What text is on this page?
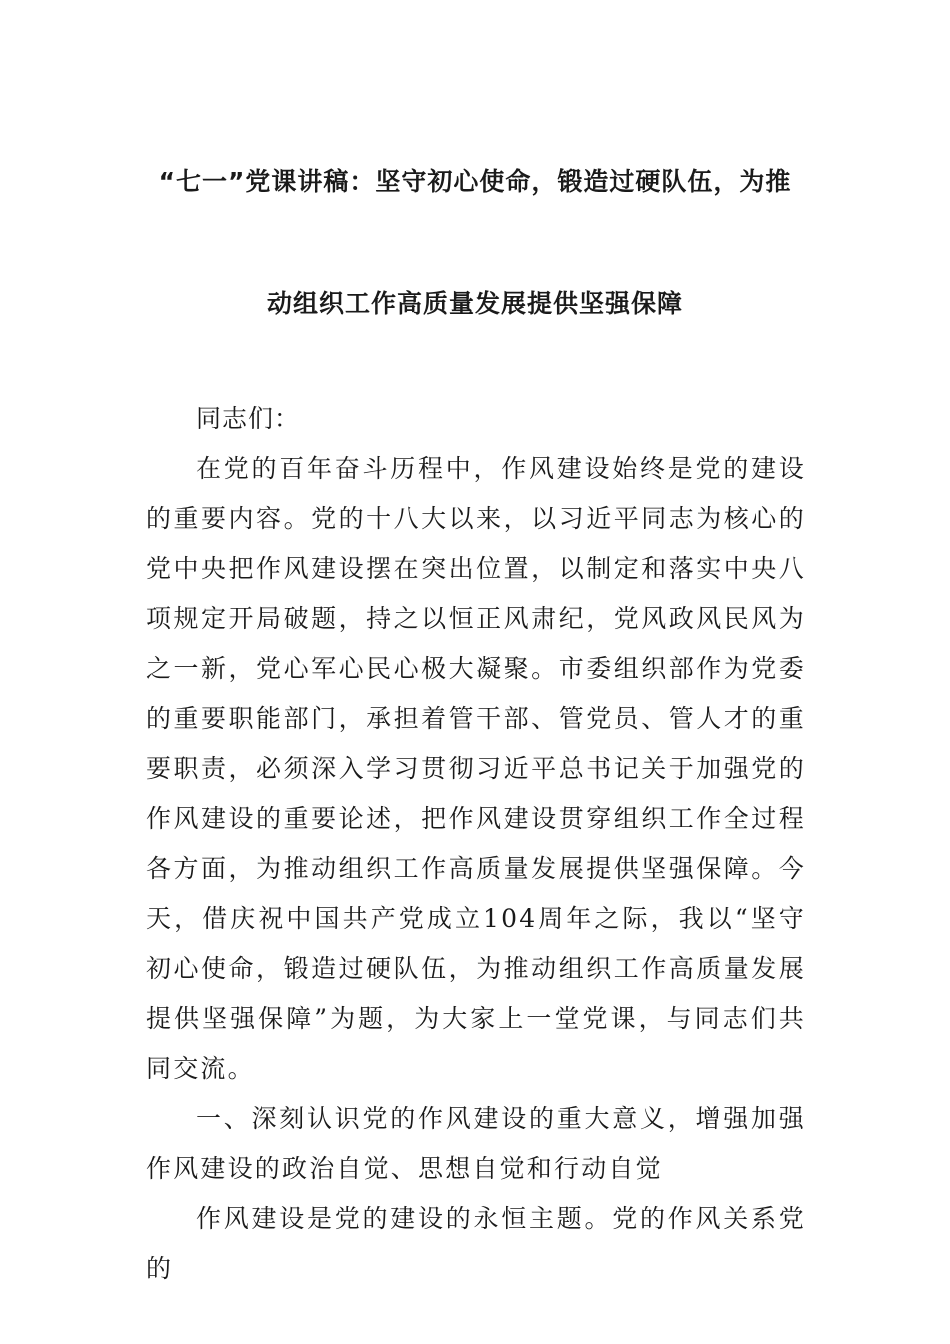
“七一”党课讲稿：坚守初心使命，锻造过硬队伍，为推
动组织工作高质量发展提供坚强保障

同志们：

在党的百年奋斗历程中，作风建设始终是党的建设的重要内容。党的十八大以来，以习近平同志为核心的党中央把作风建设摆在突出位置，以制定和落实中央八项规定开局破题，持之以恒正风肃纪，党风政风民风为之一新，党心军心民心极大凝聚。市委组织部作为党委的重要职能部门，承担着管干部、管党员、管人才的重要职责，必须深入学习贯彻习近平总书记关于加强党的作风建设的重要论述，把作风建设贯穿组织工作全过程各方面，为推动组织工作高质量发展提供坚强保障。今天，借庆祝中国共产党成立104周年之际，我以“坚守初心使命，锻造过硬队伍，为推动组织工作高质量发展提供坚强保障”为题，为大家上一堂党课，与同志们共同交流。

一、深刻认识党的作风建设的重大意义，增强加强作风建设的政治自觉、思想自觉和行动自觉

作风建设是党的建设的永恒主题。党的作风关系党的
